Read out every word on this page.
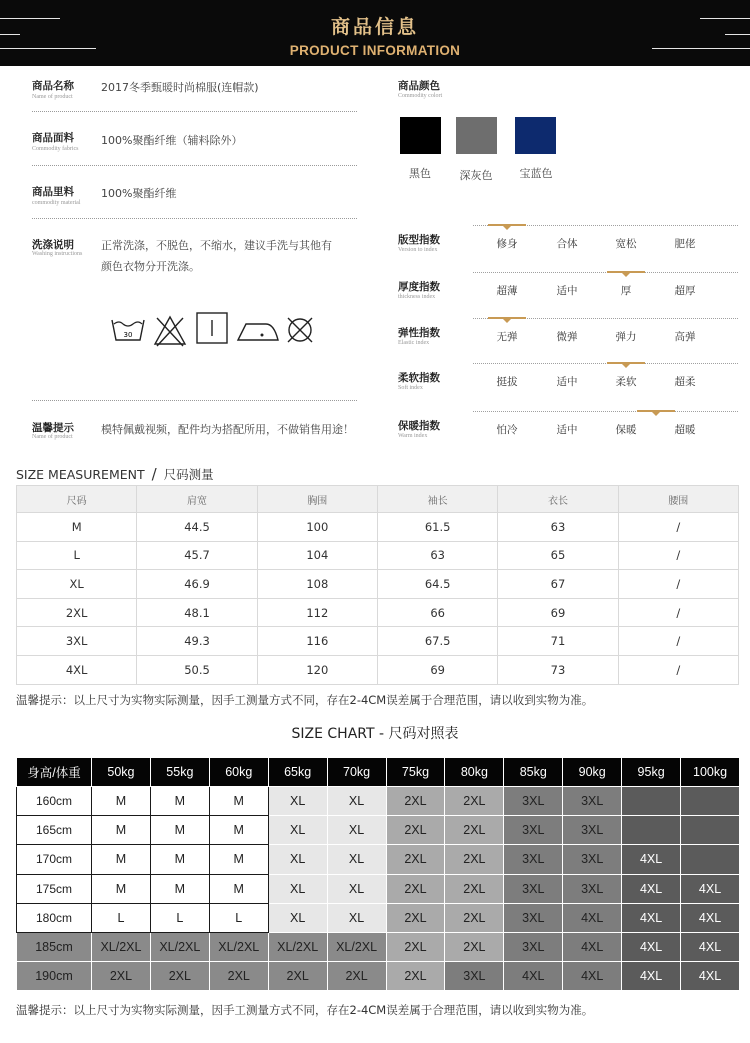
商品信息
PRODUCT INFORMATION
商品名称
Name of product
2017冬季甄暖时尚棉服(连帽款)
商品面料
Commodity fabrics
100%聚酯纤维（辅料除外）
商品里料
commodity material
100%聚酯纤维
洗涤说明
Washing instructions
正常洗涤，不脱色，不缩水，建议手洗与其他有
颜色衣物分开洗涤。
30
温馨提示
Name of product
模特佩戴视频，配件均为搭配所用，不做销售用途！
商品颜色
Commodity colort
黑色	深灰色	宝蓝色
版型指数
Version to index	修身	合体	宽松	肥佬
厚度指数
thickness index	超薄	适中	厚	超厚
弹性指数
Elastic index	无弹	微弹	弹力	高弹
柔软指数
Soft index	挺拔	适中	柔软	超柔
保暖指数
Warm index	怕冷	适中	保暖	超暖
SIZE MEASUREMENT / 尺码测量
尺码	肩宽	胸围	袖长	衣长	腰围
M	44.5	100	61.5	63	/
L	45.7	104	63	65	/
XL	46.9	108	64.5	67	/
2XL	48.1	112	66	69	/
3XL	49.3	116	67.5	71	/
4XL	50.5	120	69	73	/
温馨提示：以上尺寸为实物实际测量，因手工测量方式不同，存在2-4CM误差属于合理范围，请以收到实物为准。
SIZE CHART - 尺码对照表
身高/体重	50kg	55kg	60kg	65kg	70kg	75kg	80kg	85kg	90kg	95kg	100kg
160cm	M	M	M	XL	XL	2XL	2XL	3XL	3XL		
165cm	M	M	M	XL	XL	2XL	2XL	3XL	3XL		
170cm	M	M	M	XL	XL	2XL	2XL	3XL	3XL	4XL	
175cm	M	M	M	XL	XL	2XL	2XL	3XL	3XL	4XL	4XL
180cm	L	L	L	XL	XL	2XL	2XL	3XL	4XL	4XL	4XL
185cm	XL/2XL	XL/2XL	XL/2XL	XL/2XL	XL/2XL	2XL	2XL	3XL	4XL	4XL	4XL
190cm	2XL	2XL	2XL	2XL	2XL	2XL	3XL	4XL	4XL	4XL	4XL
温馨提示：以上尺寸为实物实际测量，因手工测量方式不同，存在2-4CM误差属于合理范围，请以收到实物为准。
